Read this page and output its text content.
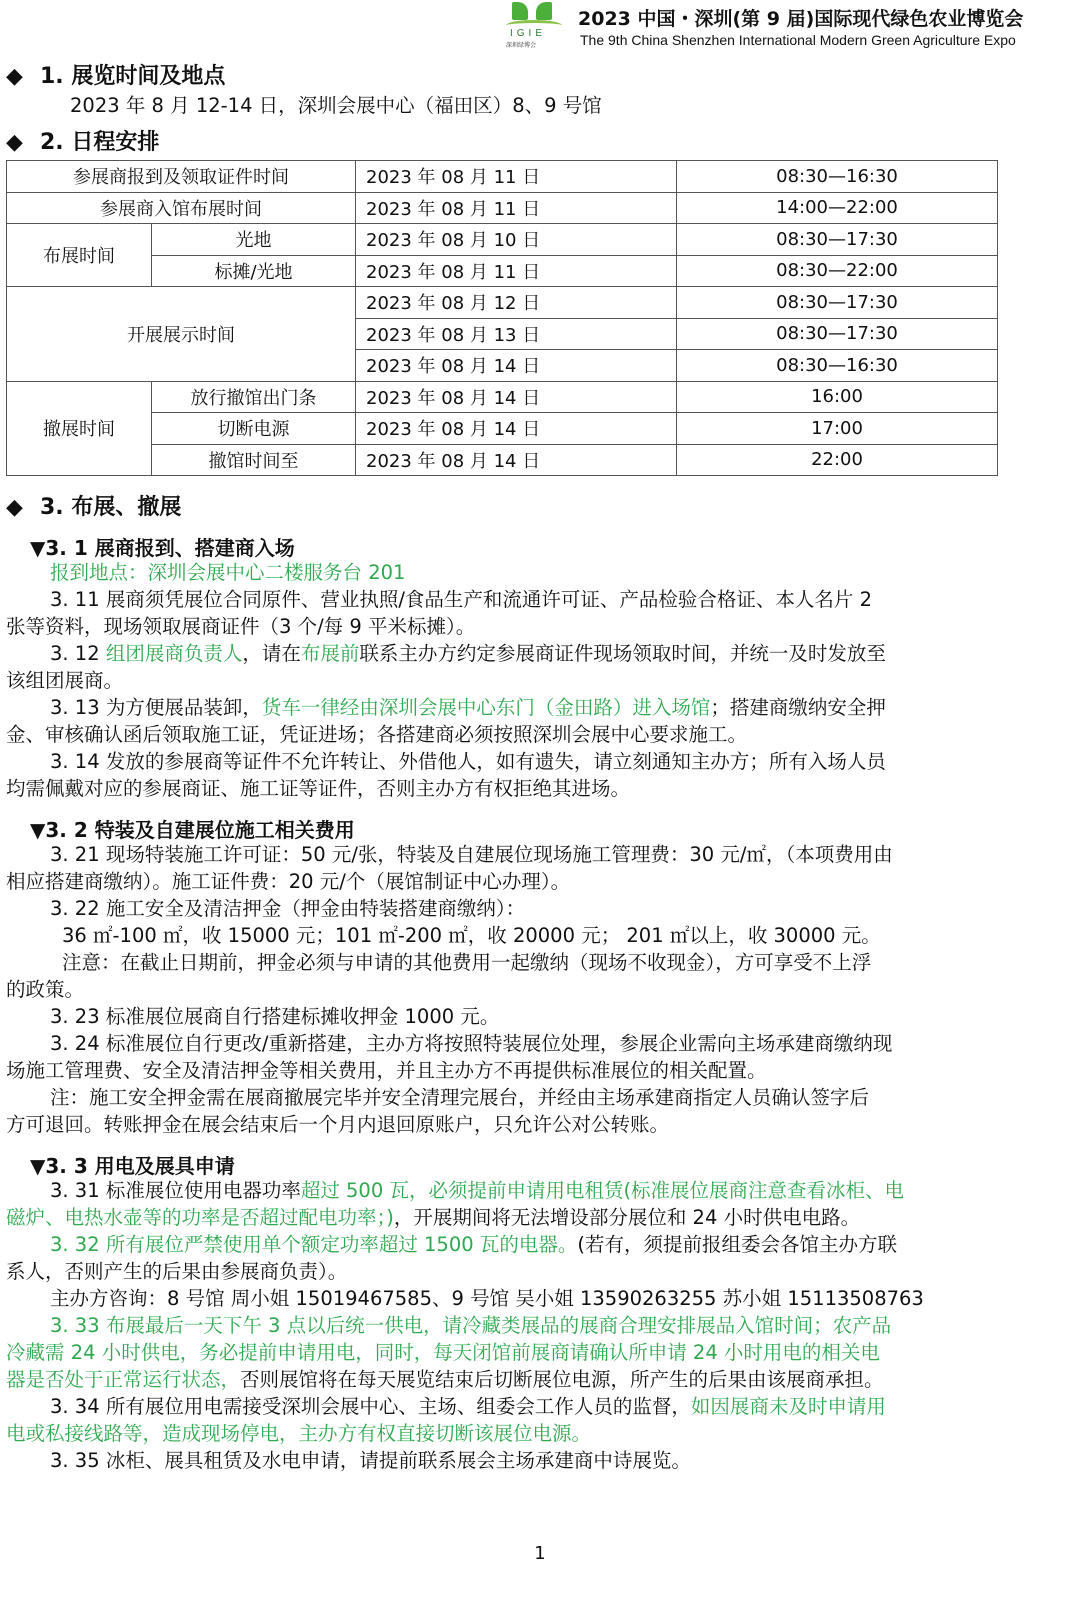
IGIE
深圳绿博会
2023 中国・深圳(第 9 届)国际现代绿色农业博览会
The 9th China Shenzhen International Modern Green Agriculture Expo
◆ 1. 展览时间及地点
2023 年 8 月 12-14 日，深圳会展中心（福田区）8、9 号馆
◆ 2. 日程安排
参展商报到及领取证件时间		2023 年 08 月 11 日	08:30—16:30
参展商入馆布展时间		2023 年 08 月 11 日	14:00—22:00
布展时间	光地	2023 年 08 月 10 日	08:30—17:30
	标摊/光地	2023 年 08 月 11 日	08:30—22:00
开展展示时间		2023 年 08 月 12 日	08:30—17:30
		2023 年 08 月 13 日	08:30—17:30
		2023 年 08 月 14 日	08:30—16:30
撤展时间	放行撤馆出门条	2023 年 08 月 14 日	16:00
	切断电源	2023 年 08 月 14 日	17:00
	撤馆时间至	2023 年 08 月 14 日	22:00
◆ 3. 布展、撤展
▼3. 1 展商报到、搭建商入场
报到地点：深圳会展中心二楼服务台 201
3. 11 展商须凭展位合同原件、营业执照/食品生产和流通许可证、产品检验合格证、本人名片 2
张等资料，现场领取展商证件（3 个/每 9 平米标摊）。
3. 12 组团展商负责人，请在布展前联系主办方约定参展商证件现场领取时间，并统一及时发放至
该组团展商。
3. 13 为方便展品装卸，货车一律经由深圳会展中心东门（金田路）进入场馆；搭建商缴纳安全押
金、审核确认函后领取施工证，凭证进场；各搭建商必须按照深圳会展中心要求施工。
3. 14 发放的参展商等证件不允许转让、外借他人，如有遗失，请立刻通知主办方；所有入场人员
均需佩戴对应的参展商证、施工证等证件，否则主办方有权拒绝其进场。
▼3. 2 特装及自建展位施工相关费用
3. 21 现场特装施工许可证：50 元/张，特装及自建展位现场施工管理费：30 元/㎡，（本项费用由
相应搭建商缴纳）。施工证件费：20 元/个（展馆制证中心办理）。
3. 22 施工安全及清洁押金（押金由特装搭建商缴纳）：
36 ㎡-100 ㎡，收 15000 元；101 ㎡-200 ㎡，收 20000 元； 201 ㎡以上，收 30000 元。
注意：在截止日期前，押金必须与申请的其他费用一起缴纳（现场不收现金），方可享受不上浮
的政策。
3. 23 标准展位展商自行搭建标摊收押金 1000 元。
3. 24 标准展位自行更改/重新搭建，主办方将按照特装展位处理，参展企业需向主场承建商缴纳现
场施工管理费、安全及清洁押金等相关费用，并且主办方不再提供标准展位的相关配置。
注：施工安全押金需在展商撤展完毕并安全清理完展台，并经由主场承建商指定人员确认签字后
方可退回。转账押金在展会结束后一个月内退回原账户，只允许公对公转账。
▼3. 3 用电及展具申请
3. 31 标准展位使用电器功率超过 500 瓦，必须提前申请用电租赁(标准展位展商注意查看冰柜、电
磁炉、电热水壶等的功率是否超过配电功率；)，开展期间将无法增设部分展位和 24 小时供电电路。
3. 32 所有展位严禁使用单个额定功率超过 1500 瓦的电器。(若有，须提前报组委会各馆主办方联
系人，否则产生的后果由参展商负责）。
主办方咨询：8 号馆 周小姐 15019467585、9 号馆 吴小姐 13590263255 苏小姐 15113508763
3. 33 布展最后一天下午 3 点以后统一供电，请冷藏类展品的展商合理安排展品入馆时间；农产品
冷藏需 24 小时供电，务必提前申请用电，同时，每天闭馆前展商请确认所申请 24 小时用电的相关电
器是否处于正常运行状态，否则展馆将在每天展览结束后切断展位电源，所产生的后果由该展商承担。
3. 34 所有展位用电需接受深圳会展中心、主场、组委会工作人员的监督，如因展商未及时申请用
电或私接线路等，造成现场停电，主办方有权直接切断该展位电源。
3. 35 冰柜、展具租赁及水电申请，请提前联系展会主场承建商中诗展览。
1
